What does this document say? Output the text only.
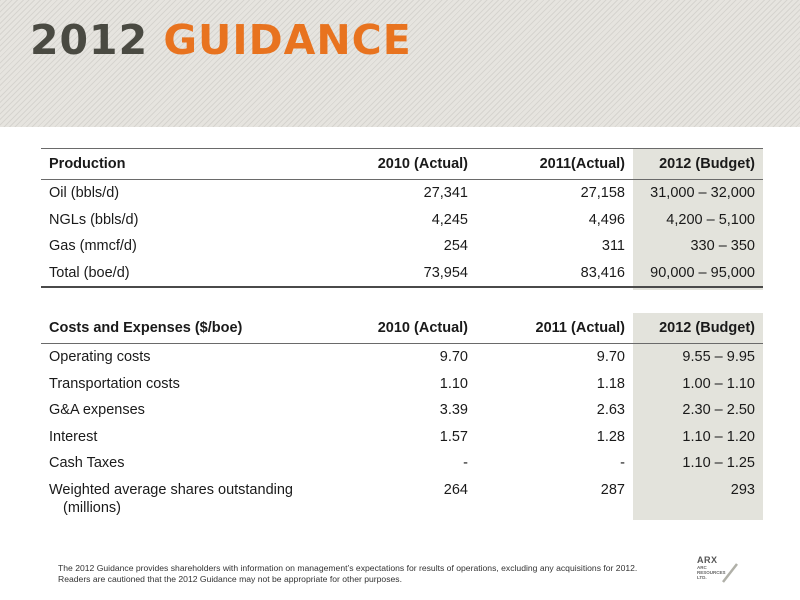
2012 GUIDANCE
Production	2010 (Actual)	2011(Actual)	2012 (Budget)
Oil (bbls/d)	27,341	27,158	31,000 – 32,000
NGLs (bbls/d)	4,245	4,496	4,200 – 5,100
Gas (mmcf/d)	254	311	330 – 350
Total (boe/d)	73,954	83,416	90,000 – 95,000
Costs and Expenses ($/boe)	2010 (Actual)	2011 (Actual)	2012 (Budget)
Operating costs	9.70	9.70	9.55 – 9.95
Transportation costs	1.10	1.18	1.00 – 1.10
G&A expenses	3.39	2.63	2.30 – 2.50
Interest	1.57	1.28	1.10 – 1.20
Cash Taxes	-	-	1.10 – 1.25

Weighted average shares outstanding
(millions)	264	287	293
The 2012 Guidance provides shareholders with information on management’s expectations for results of operations, excluding any acquisitions for 2012.
Readers are cautioned that the 2012 Guidance may not be appropriate for other purposes.
ARX
ARC
RESOURCES
LTD.
